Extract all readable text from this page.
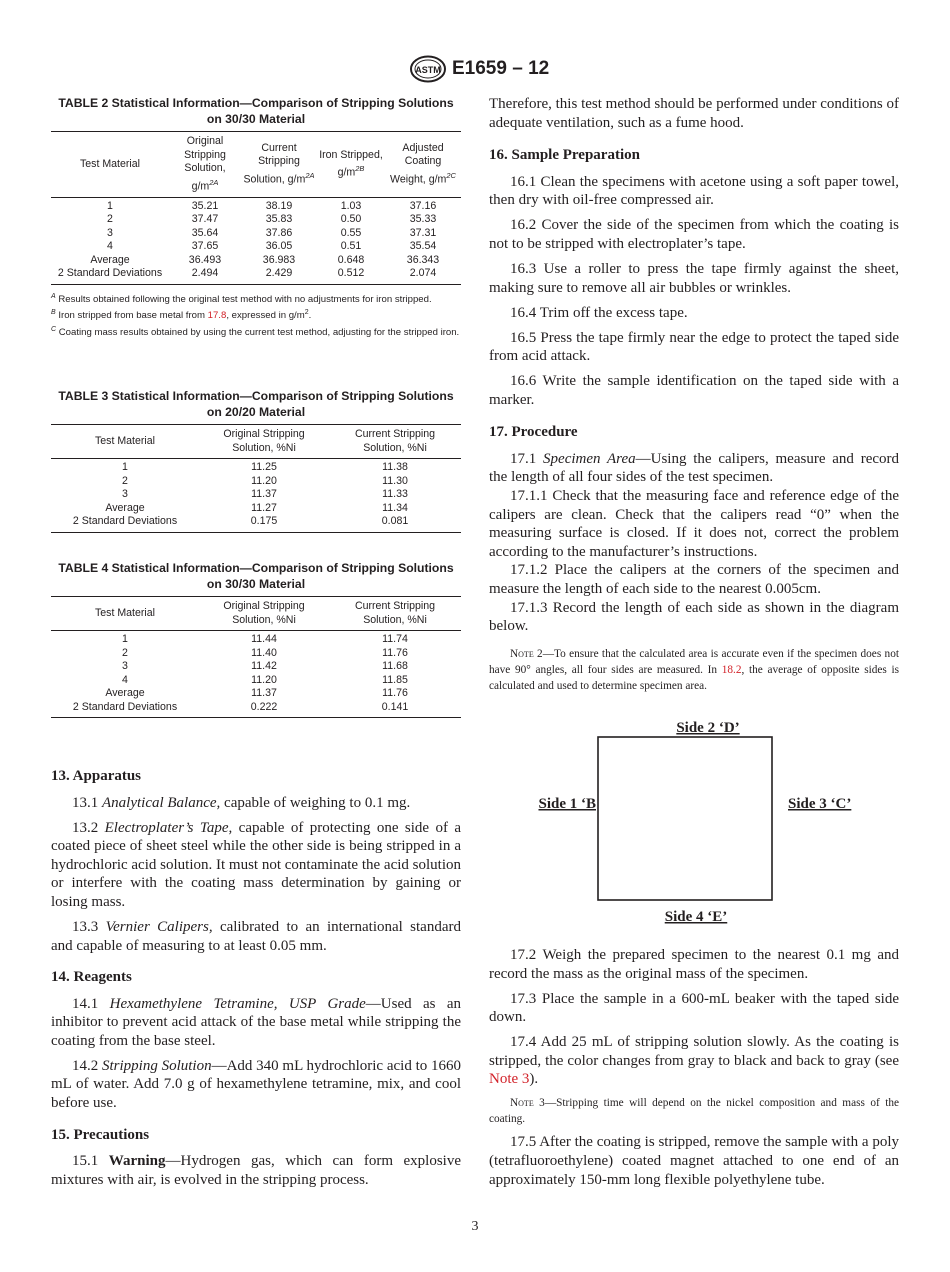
ASTM E1659 – 12
TABLE 2 Statistical Information—Comparison of Stripping Solutions on 30/30 Material
Test Material	Original Stripping Solution, $g/m^{2A}$	Current Stripping Solution, $g/m^{2A}$	Iron Stripped, $g/m^{2B}$	Adjusted Coating Weight, $g/m^{2C}$
1	35.21	38.19	1.03	37.16
2	37.47	35.83	0.50	35.33
3	35.64	37.86	0.55	37.31
4	37.65	36.05	0.51	35.54
Average	36.493	36.983	0.648	36.343
2 Standard Deviations	2.494	2.429	0.512	2.074

$^A$ Results obtained following the original test method with no adjustments for iron stripped.

$^B$ Iron stripped from base metal from 17.8, expressed in $g/m^2$.

$^C$ Coating mass results obtained by using the current test method, adjusting for the stripped iron.

TABLE 3 Statistical Information—Comparison of Stripping Solutions on 20/20 Material
Test Material	Original Stripping Solution, %Ni	Current Stripping Solution, %Ni
1	11.25	11.38
2	11.20	11.30
3	11.37	11.33
Average	11.27	11.34
2 Standard Deviations	0.175	0.081
TABLE 4 Statistical Information—Comparison of Stripping Solutions on 30/30 Material
Test Material	Original Stripping Solution, %Ni	Current Stripping Solution, %Ni
1	11.44	11.74
2	11.40	11.76
3	11.42	11.68
4	11.20	11.85
Average	11.37	11.76
2 Standard Deviations	0.222	0.141
13. Apparatus

13.1 Analytical Balance, capable of weighing to 0.1 mg.

13.2 Electroplater’s Tape, capable of protecting one side of a coated piece of sheet steel while the other side is being stripped in a hydrochloric acid solution. It must not contaminate the acid solution or interfere with the coating mass determination by gaining or losing mass.

13.3 Vernier Calipers, calibrated to an international standard and capable of measuring to at least 0.05 mm.

14. Reagents

14.1 Hexamethylene Tetramine, USP Grade—Used as an inhibitor to prevent acid attack of the base metal while stripping the coating from the base steel.

14.2 Stripping Solution—Add 340 mL hydrochloric acid to 1660 mL of water. Add 7.0 g of hexamethylene tetramine, mix, and cool before use.

15. Precautions

15.1 Warning—Hydrogen gas, which can form explosive mixtures with air, is evolved in the stripping process.

Therefore, this test method should be performed under conditions of adequate ventilation, such as a fume hood.

16. Sample Preparation

16.1 Clean the specimens with acetone using a soft paper towel, then dry with oil-free compressed air.

16.2 Cover the side of the specimen from which the coating is not to be stripped with electroplater’s tape.

16.3 Use a roller to press the tape firmly against the sheet, making sure to remove all air bubbles or wrinkles.

16.4 Trim off the excess tape.

16.5 Press the tape firmly near the edge to protect the taped side from acid attack.

16.6 Write the sample identification on the taped side with a marker.

17. Procedure

17.1 Specimen Area—Using the calipers, measure and record the length of all four sides of the test specimen.

17.1.1 Check that the measuring face and reference edge of the calipers are clean. Check that the calipers read “0” when the measuring surface is closed. If it does not, correct the problem according to the manufacturer’s instructions.

17.1.2 Place the calipers at the corners of the specimen and measure the length of each side to the nearest 0.005cm.

17.1.3 Record the length of each side as shown in the diagram below.

Note 2—To ensure that the calculated area is accurate even if the specimen does not have 90° angles, all four sides are measured. In 18.2, the average of opposite sides is calculated and used to determine specimen area.

Side 2 ‘D’
Side 1 ‘B	Side 3 ‘C’
Side 4 ‘E’

17.2 Weigh the prepared specimen to the nearest 0.1 mg and record the mass as the original mass of the specimen.

17.3 Place the sample in a 600-mL beaker with the taped side down.

17.4 Add 25 mL of stripping solution slowly. As the coating is stripped, the color changes from gray to black and back to gray (see Note 3).

Note 3—Stripping time will depend on the nickel composition and mass of the coating.

17.5 After the coating is stripped, remove the sample with a poly (tetrafluoroethylene) coated magnet attached to one end of an approximately 150-mm long flexible polyethylene tube.

3
